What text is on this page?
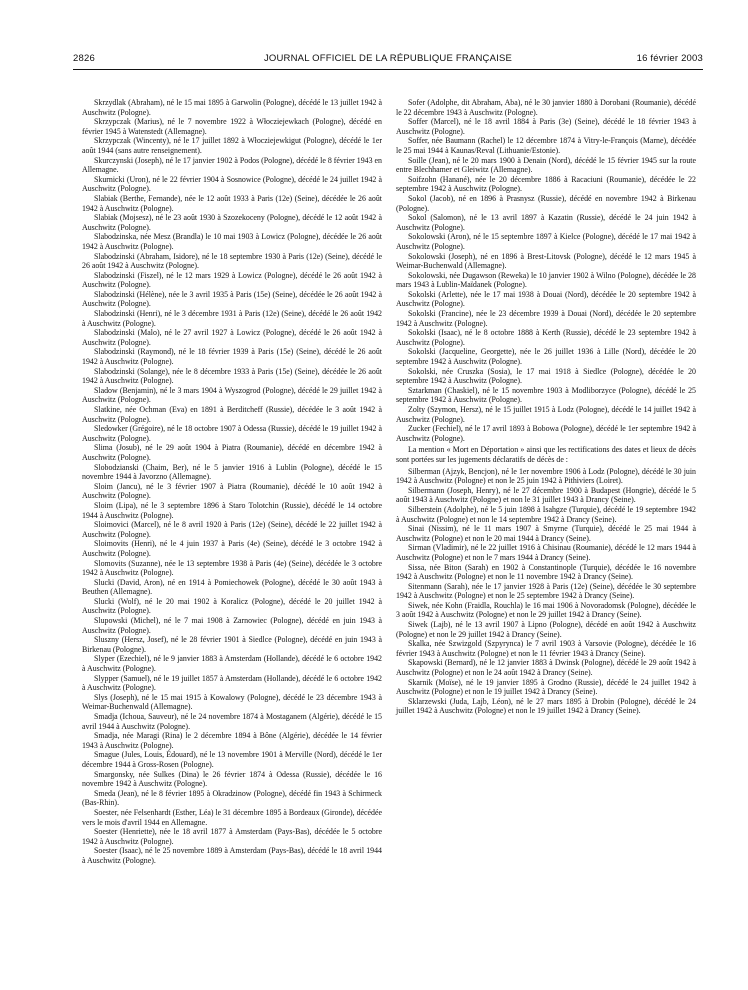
2826	JOURNAL OFFICIEL DE LA RÉPUBLIQUE FRANÇAISE	16 février 2003

Skrzydlak (Abraham), né le 15 mai 1895 à Garwolin (Pologne), décédé le 13 juillet 1942 à Auschwitz (Pologne).

Skrzypczak (Marius), né le 7 novembre 1922 à Włocziejewkach (Pologne), décédé en février 1945 à Watenstedt (Allemagne).

Skrzypczak (Wincenty), né le 17 juillet 1892 à Włocziejewkigut (Pologne), décédé le 1er août 1944 (sans autre renseignement).

Skurczynski (Joseph), né le 17 janvier 1902 à Podos (Pologne), décédé le 8 février 1943 en Allemagne.

Skurnicki (Uron), né le 22 février 1904 à Sosnowice (Pologne), décédé le 24 juillet 1942 à Auschwitz (Pologne).

Slabiak (Berthe, Fernande), née le 12 août 1933 à Paris (12e) (Seine), décédée le 26 août 1942 à Auschwitz (Pologne).

Slabiak (Mojsesz), né le 23 août 1930 à Szozekoceny (Pologne), décédé le 12 août 1942 à Auschwitz (Pologne).

Slabodzinska, née Mesz (Brandla) le 10 mai 1903 à Lowicz (Pologne), décédée le 26 août 1942 à Auschwitz (Pologne).

Slabodzinski (Abraham, Isidore), né le 18 septembre 1930 à Paris (12e) (Seine), décédé le 26 août 1942 à Auschwitz (Pologne).

Slabodzinski (Fiszel), né le 12 mars 1929 à Lowicz (Pologne), décédé le 26 août 1942 à Auschwitz (Pologne).

Slabodzinski (Hélène), née le 3 avril 1935 à Paris (15e) (Seine), décédée le 26 août 1942 à Auschwitz (Pologne).

Slabodzinski (Henri), né le 3 décembre 1931 à Paris (12e) (Seine), décédé le 26 août 1942 à Auschwitz (Pologne).

Slabodzinski (Malo), né le 27 avril 1927 à Lowicz (Pologne), décédé le 26 août 1942 à Auschwitz (Pologne).

Slabodzinski (Raymond), né le 18 février 1939 à Paris (15e) (Seine), décédé le 26 août 1942 à Auschwitz (Pologne).

Slabodzinski (Solange), née le 8 décembre 1933 à Paris (15e) (Seine), décédée le 26 août 1942 à Auschwitz (Pologne).

Sladow (Benjamin), né le 3 mars 1904 à Wyszogrod (Pologne), décédé le 29 juillet 1942 à Auschwitz (Pologne).

Slatkine, née Ochman (Eva) en 1891 à Berditcheff (Russie), décédée le 3 août 1942 à Auschwitz (Pologne).

Sledowker (Grégoire), né le 18 octobre 1907 à Odessa (Russie), décédé le 19 juillet 1942 à Auschwitz (Pologne).

Slima (Josub), né le 29 août 1904 à Piatra (Roumanie), décédé en décembre 1942 à Auschwitz (Pologne).

Slobodzianski (Chaim, Ber), né le 5 janvier 1916 à Lublin (Pologne), décédé le 15 novembre 1944 à Javorzno (Allemagne).

Sloim (Jancu), né le 3 février 1907 à Piatra (Roumanie), décédé le 10 août 1942 à Auschwitz (Pologne).

Sloim (Lipa), né le 3 septembre 1896 à Staro Tolotchin (Russie), décédé le 14 octobre 1944 à Auschwitz (Pologne).

Sloimovici (Marcel), né le 8 avril 1920 à Paris (12e) (Seine), décédé le 22 juillet 1942 à Auschwitz (Pologne).

Sloimovits (Henri), né le 4 juin 1937 à Paris (4e) (Seine), décédé le 3 octobre 1942 à Auschwitz (Pologne).

Slomovits (Suzanne), née le 13 septembre 1938 à Paris (4e) (Seine), décédée le 3 octobre 1942 à Auschwitz (Pologne).

Slucki (David, Aron), né en 1914 à Pomiechowek (Pologne), décédé le 30 août 1943 à Beuthen (Allemagne).

Slucki (Wolf), né le 20 mai 1902 à Koralicz (Pologne), décédé le 20 juillet 1942 à Auschwitz (Pologne).

Slupowski (Michel), né le 7 mai 1908 à Zarnowiec (Pologne), décédé en juin 1943 à Auschwitz (Pologne).

Sluszny (Hersz, Josef), né le 28 février 1901 à Siedlce (Pologne), décédé en juin 1943 à Birkenau (Pologne).

Slyper (Ezechiel), né le 9 janvier 1883 à Amsterdam (Hollande), décédé le 6 octobre 1942 à Auschwitz (Pologne).

Slypper (Samuel), né le 19 juillet 1857 à Amsterdam (Hollande), décédé le 6 octobre 1942 à Auschwitz (Pologne).

Slys (Joseph), né le 15 mai 1915 à Kowalowy (Pologne), décédé le 23 décembre 1943 à Weimar-Buchenwald (Allemagne).

Smadja (Ichoua, Sauveur), né le 24 novembre 1874 à Mostaganem (Algérie), décédé le 15 avril 1944 à Auschwitz (Pologne).

Smadja, née Maragi (Rina) le 2 décembre 1894 à Bône (Algérie), décédée le 14 février 1943 à Auschwitz (Pologne).

Smague (Jules, Louis, Édouard), né le 13 novembre 1901 à Merville (Nord), décédé le 1er décembre 1944 à Gross-Rosen (Pologne).

Smargonsky, née Sulkes (Dina) le 26 février 1874 à Odessa (Russie), décédée le 16 novembre 1942 à Auschwitz (Pologne).

Smeda (Jean), né le 8 février 1895 à Okradzinow (Pologne), décédé fin 1943 à Schirmeck (Bas-Rhin).

Soester, née Felsenhardt (Esther, Léa) le 31 décembre 1895 à Bordeaux (Gironde), décédée vers le mois d'avril 1944 en Allemagne.

Soester (Henriette), née le 18 avril 1877 à Amsterdam (Pays-Bas), décédée le 5 octobre 1942 à Auschwitz (Pologne).

Soester (Isaac), né le 25 novembre 1889 à Amsterdam (Pays-Bas), décédé le 18 avril 1944 à Auschwitz (Pologne).

Sofer (Adolphe, dit Abraham, Aba), né le 30 janvier 1880 à Dorobani (Roumanie), décédé le 22 décembre 1943 à Auschwitz (Pologne).

Soffer (Marcel), né le 18 avril 1884 à Paris (3e) (Seine), décédé le 18 février 1943 à Auschwitz (Pologne).

Soffer, née Baumann (Rachel) le 12 décembre 1874 à Vitry-le-François (Marne), décédée le 25 mai 1944 à Kaunas/Reval (Lithuanie/Estonie).

Soille (Jean), né le 20 mars 1900 à Denain (Nord), décédé le 15 février 1945 sur la route entre Blechhamer et Gleiwitz (Allemagne).

Soifzohn (Hanané), née le 20 décembre 1886 à Racaciuni (Roumanie), décédée le 22 septembre 1942 à Auschwitz (Pologne).

Sokol (Jacob), né en 1896 à Prasnysz (Russie), décédé en novembre 1942 à Birkenau (Pologne).

Sokol (Salomon), né le 13 avril 1897 à Kazatin (Russie), décédé le 24 juin 1942 à Auschwitz (Pologne).

Sokolowski (Aron), né le 15 septembre 1897 à Kielce (Pologne), décédé le 17 mai 1942 à Auschwitz (Pologne).

Sokolowski (Joseph), né en 1896 à Brest-Litovsk (Pologne), décédé le 12 mars 1945 à Weimar-Buchenwald (Allemagne).

Sokolowski, née Dugawson (Reweka) le 10 janvier 1902 à Wilno (Pologne), décédée le 28 mars 1943 à Lublin-Maïdanek (Pologne).

Sokolski (Arlette), née le 17 mai 1938 à Douai (Nord), décédée le 20 septembre 1942 à Auschwitz (Pologne).

Sokolski (Francine), née le 23 décembre 1939 à Douai (Nord), décédée le 20 septembre 1942 à Auschwitz (Pologne).

Sokolski (Isaac), né le 8 octobre 1888 à Kerth (Russie), décédé le 23 septembre 1942 à Auschwitz (Pologne).

Sokolski (Jacqueline, Georgette), née le 26 juillet 1936 à Lille (Nord), décédée le 20 septembre 1942 à Auschwitz (Pologne).

Sokolski, née Cruszka (Sosia), le 17 mai 1918 à Siedlce (Pologne), décédée le 20 septembre 1942 à Auschwitz (Pologne).

Sztarkman (Chaskiel), né le 15 novembre 1903 à Modliborzyce (Pologne), décédé le 25 septembre 1942 à Auschwitz (Pologne).

Zolty (Szymon, Hersz), né le 15 juillet 1915 à Lodz (Pologne), décédé le 14 juillet 1942 à Auschwitz (Pologne).

Zucker (Fechiel), né le 17 avril 1893 à Bobowa (Pologne), décédé le 1er septembre 1942 à Auschwitz (Pologne).

La mention « Mort en Déportation » ainsi que les rectifications des dates et lieux de décès sont portées sur les jugements déclaratifs de décès de :

Silberman (Ajzyk, Bencjon), né le 1er novembre 1906 à Lodz (Pologne), décédé le 30 juin 1942 à Auschwitz (Pologne) et non le 25 juin 1942 à Pithiviers (Loiret).

Silbermann (Joseph, Henry), né le 27 décembre 1900 à Budapest (Hongrie), décédé le 5 août 1943 à Auschwitz (Pologne) et non le 31 juillet 1943 à Drancy (Seine).

Silberstein (Adolphe), né le 5 juin 1898 à Isahgze (Turquie), décédé le 19 septembre 1942 à Auschwitz (Pologne) et non le 14 septembre 1942 à Drancy (Seine).

Sinai (Nissim), né le 11 mars 1907 à Smyrne (Turquie), décédé le 25 mai 1944 à Auschwitz (Pologne) et non le 20 mai 1944 à Drancy (Seine).

Sirman (Vladimir), né le 22 juillet 1916 à Chisinau (Roumanie), décédé le 12 mars 1944 à Auschwitz (Pologne) et non le 7 mars 1944 à Drancy (Seine).

Sissa, née Biton (Sarah) en 1902 à Constantinople (Turquie), décédée le 16 novembre 1942 à Auschwitz (Pologne) et non le 11 novembre 1942 à Drancy (Seine).

Sitenmann (Sarah), née le 17 janvier 1928 à Paris (12e) (Seine), décédée le 30 septembre 1942 à Auschwitz (Pologne) et non le 25 septembre 1942 à Drancy (Seine).

Siwek, née Kohn (Fraidla, Rouchla) le 16 mai 1906 à Novoradomsk (Pologne), décédée le 3 août 1942 à Auschwitz (Pologne) et non le 29 juillet 1942 à Drancy (Seine).

Siwek (Lajb), né le 13 avril 1907 à Lipno (Pologne), décédé en août 1942 à Auschwitz (Pologne) et non le 29 juillet 1942 à Drancy (Seine).

Skalka, née Szwizgold (Szpyrynca) le 7 avril 1903 à Varsovie (Pologne), décédée le 16 février 1943 à Auschwitz (Pologne) et non le 11 février 1943 à Drancy (Seine).

Skapowski (Bernard), né le 12 janvier 1883 à Dwinsk (Pologne), décédé le 29 août 1942 à Auschwitz (Pologne) et non le 24 août 1942 à Drancy (Seine).

Skarnik (Moïse), né le 19 janvier 1895 à Grodno (Russie), décédé le 24 juillet 1942 à Auschwitz (Pologne) et non le 19 juillet 1942 à Drancy (Seine).

Sklarzewski (Juda, Lajb, Léon), né le 27 mars 1895 à Drobin (Pologne), décédé le 24 juillet 1942 à Auschwitz (Pologne) et non le 19 juillet 1942 à Drancy (Seine).
